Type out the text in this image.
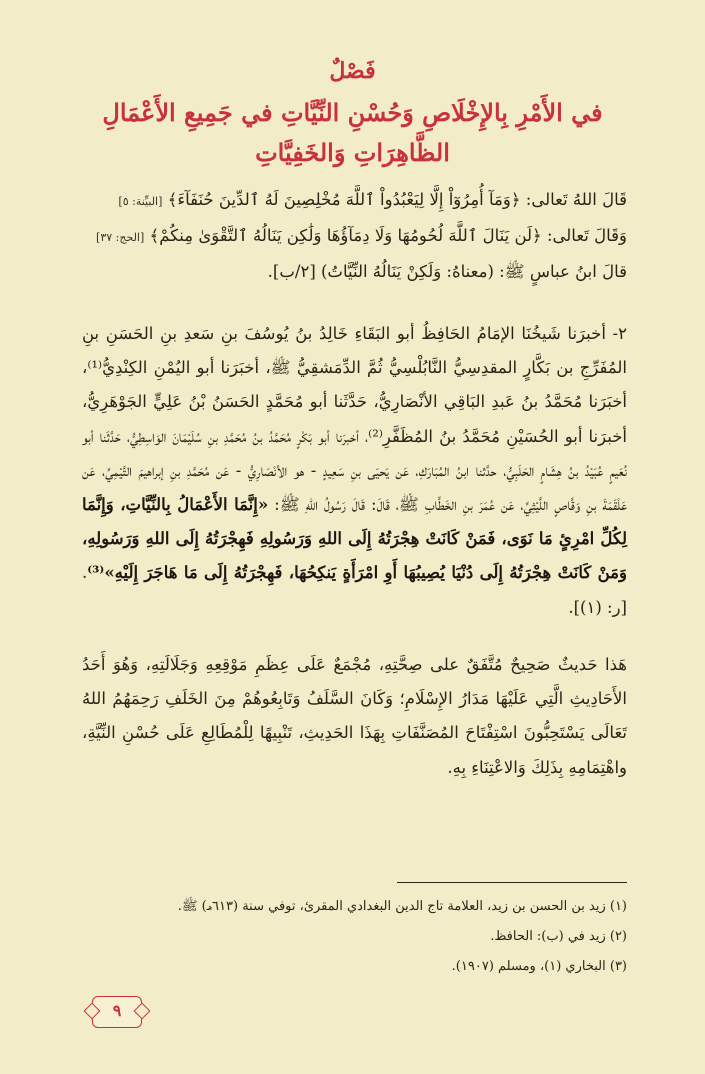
فَصْلٌ
في الأَمْرِ بِالإِخْلَاصِ وَحُسْنِ النِّيَّاتِ في جَمِيعِ الأَعْمَالِ
الظَّاهِرَاتِ وَالخَفِيَّاتِ
قَالَ اللهُ تَعالى: ﴿وَمَآ أُمِرُوٓاْ إِلَّا لِيَعْبُدُواْ ٱللَّهَ مُخْلِصِينَ لَهُ ٱلدِّينَ حُنَفَآءَ﴾ [البيِّنة: ٥]
وَقَالَ تَعالى: ﴿لَن يَنَالَ ٱللَّهَ لُحُومُهَا وَلَا دِمَآؤُهَا وَلَٰكِن يَنَالُهُ ٱلتَّقْوَىٰ مِنكُمْ﴾ [الحج: ٣٧]
قالَ ابنُ عباسٍ ﷺ: (معناهُ: وَلَكِنْ يَنَالُهُ النِّيَّاتُ) [٢/ب].
٢- أخبرَنا شَيخُنَا الإمَامُ الحَافِظُ أبو البَقَاءِ خَالِدُ بنُ يُوسُفَ بنِ سَعدِ بنِ الحَسَنِ بنِ المُفَرِّجِ بن بَكَّارٍ المقدِسِيُّ النَّابُلْسِيُّ ثُمَّ الدِّمَشقِيُّ ﷺ، أخبَرَنا أبو اليُمْنِ الكِنْدِيُّ⁽¹⁾، أخبَرَنا مُحَمَّدُ بنُ عَبدِ البَاقِي الأنْصَارِيُّ، حَدَّثَنا أبو مُحَمَّدٍ الحَسَنُ بْنُ عَلِيٍّ الجَوْهَرِيُّ، أخبرَنا أبو الحُسَيْنِ مُحَمَّدُ بنُ المُظَفَّرِ⁽²⁾، أخبرَنا أبو بَكْرٍ مُحَمَّدُ بنُ مُحَمَّدِ بنِ سُلَيْمَانَ الوَاسِطِيُّ، حَدَّثَنا أبو نُعَيمٍ عُبَيْدُ بنُ هِشَامٍ الحَلَبِيُّ، حدَّثنا ابنُ المُبَارَكِ، عَن يَحيَى بنِ سَعِيدٍ - هو الأنْصَارِيُّ - عَن مُحَمَّدِ بنِ إبراهيمَ التَّيْمِيِّ، عَن عَلْقَمَةَ بنِ وَقَّاصٍ اللَّيْثِيِّ، عَن عُمَرَ بنِ الخَطَّابِ ﷺ، قَالَ: قَالَ رَسُولُ اللهِ ﷺ: «إِنَّمَا الأَعْمَالُ بِالنِّيَّاتِ، وَإِنَّمَا لِكُلِّ امْرِئٍ مَا نَوَى، فَمَنْ كَانَتْ هِجْرَتُهُ إِلَى اللهِ وَرَسُولِهِ فَهِجْرَتُهُ إِلَى اللهِ وَرَسُولِهِ، وَمَنْ كَانَتْ هِجْرَتُهُ إِلَى دُنْيَا يُصِيبُهَا أَوِ امْرَأَةٍ يَنكِحُهَا، فَهِجْرَتُهُ إِلَى مَا هَاجَرَ إِلَيْهِ»⁽³⁾. [ر: (١)].
هَذا حَديثٌ صَحِيحٌ مُتَّفَقٌ على صِحَّتِهِ، مُجْمَعٌ عَلَى عِظَمِ مَوْقِعِهِ وَجَلَالَتِهِ، وَهُوَ أَحَدُ الأَحَادِيثِ الَّتِي عَلَيْهَا مَدَارُ الإِسْلَامِ؛ وَكَانَ السَّلَفُ وَتَابِعُوهُمْ مِنَ الخَلَفِ رَحِمَهُمُ اللهُ تَعَالَى يَسْتَحِبُّونَ اسْتِفْتَاحَ المُصَنَّفَاتِ بِهَذَا الحَدِيثِ، تَنْبِيهًا لِلْمُطَالِعِ عَلَى حُسْنِ النِّيَّةِ، واهْتِمَامِهِ بِذَلِكَ وَالاعْتِنَاءِ بِهِ.
(١) زيد بن الحسن بن زيد، العلامة تاج الدين البغدادي المقرئ، توفي سنة (٦١٣هـ) ﷺ.
(٢) زيد في (ب): الحافظ.
(٣) البخاري (١)، ومسلم (١٩٠٧).
٩
